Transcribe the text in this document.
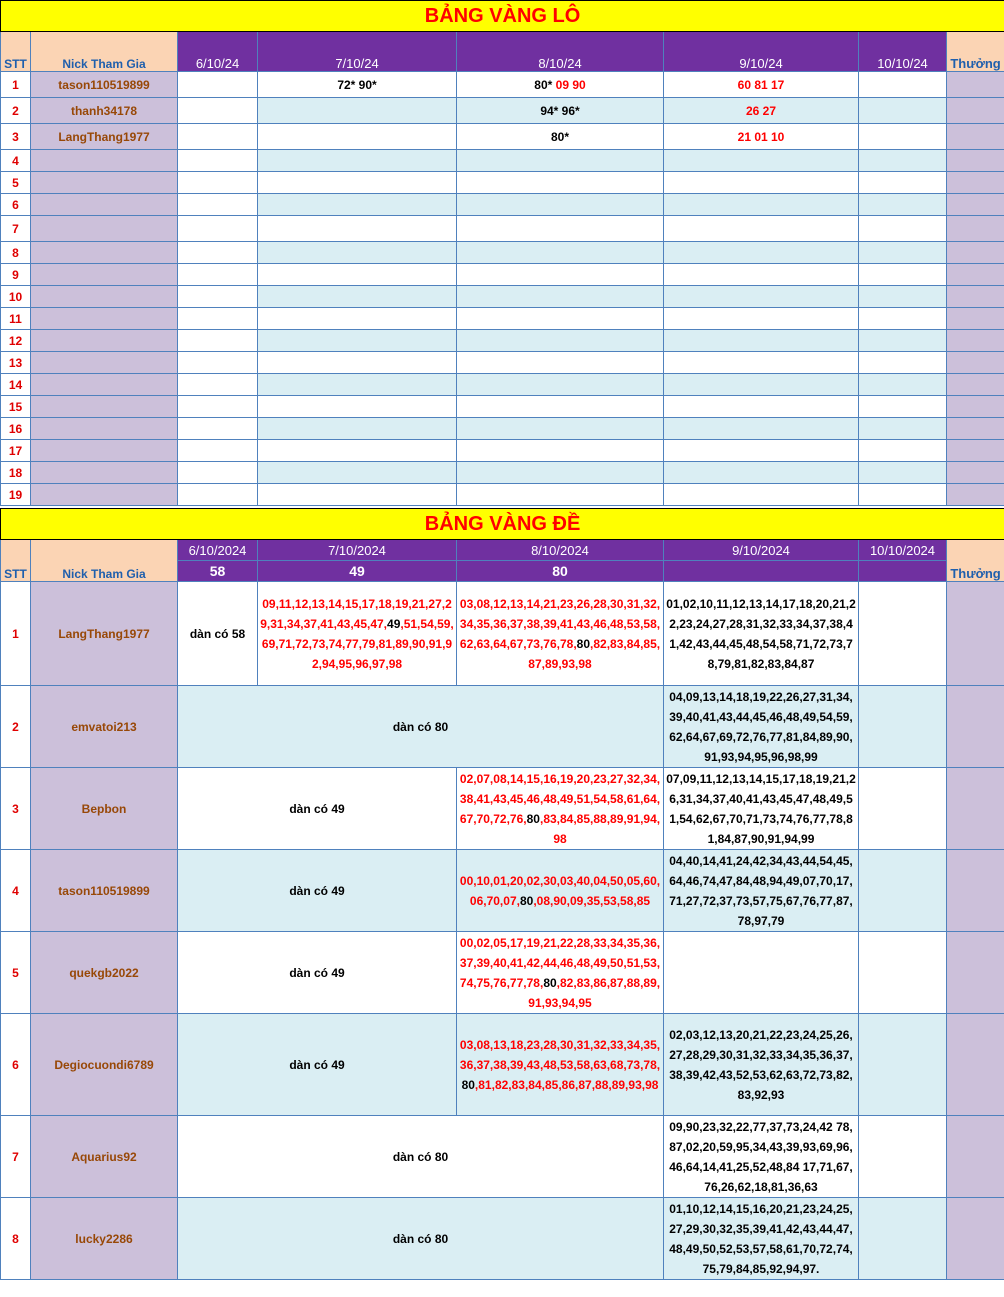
BẢNG VÀNG LÔ							
STT	Nick Tham Gia	6/10/24	7/10/24	8/10/24	9/10/24	10/10/24	Thưởng
1	tason110519899		72* 90*	80* 09 90	60 81 17		
2	thanh34178			94* 96*	26 27		
3	LangThang1977			80*	21 01 10		
4							
5							
6							
7							
8							
9							
10							
11							
12							
13							
14							
15							
16							
17							
18							
19							
BẢNG VÀNG ĐỀ							
STT	Nick Tham Gia	6/10/2024	7/10/2024	8/10/2024	9/10/2024	10/10/2024	Thưởng
		58	49	80			
1	LangThang1977	dàn có 58	09,11,12,13,14,15,17,18,19,21,27,29,31,34,37,41,43,45,47,49,51,54,59,69,71,72,73,74,77,79,81,89,90,91,92,94,95,96,97,98	03,08,12,13,14,21,23,26,28,30,31,32,34,35,36,37,38,39,41,43,46,48,53,58,62,63,64,67,73,76,78,80,82,83,84,85,87,89,93,98	01,02,10,11,12,13,14,17,18,20,21,22,23,24,27,28,31,32,33,34,37,38,41,42,43,44,45,48,54,58,71,72,73,78,79,81,82,83,84,87		
2	emvatoi213	dàn có 80			04,09,13,14,18,19,22,26,27,31,34,39,40,41,43,44,45,46,48,49,54,59,62,64,67,69,72,76,77,81,84,89,90,91,93,94,95,96,98,99		
3	Bepbon	dàn có 49		02,07,08,14,15,16,19,20,23,27,32,34,38,41,43,45,46,48,49,51,54,58,61,64,67,70,72,76,80,83,84,85,88,89,91,94,98	07,09,11,12,13,14,15,17,18,19,21,26,31,34,37,40,41,43,45,47,48,49,51,54,62,67,70,71,73,74,76,77,78,81,84,87,90,91,94,99		
4	tason110519899	dàn có 49		00,10,01,20,02,30,03,40,04,50,05,60,06,70,07,80,08,90,09,35,53,58,85	04,40,14,41,24,42,34,43,44,54,45,64,46,74,47,84,48,94,49,07,70,17,71,27,72,37,73,57,75,67,76,77,87,78,97,79		
5	quekgb2022	dàn có 49		00,02,05,17,19,21,22,28,33,34,35,36,37,39,40,41,42,44,46,48,49,50,51,53,74,75,76,77,78,80,82,83,86,87,88,89,91,93,94,95			
6	Degiocuondi6789	dàn có 49		03,08,13,18,23,28,30,31,32,33,34,35,36,37,38,39,43,48,53,58,63,68,73,78,80,81,82,83,84,85,86,87,88,89,93,98	02,03,12,13,20,21,22,23,24,25,26,27,28,29,30,31,32,33,34,35,36,37,38,39,42,43,52,53,62,63,72,73,82,83,92,93		
7	Aquarius92	dàn có 80			09,90,23,32,22,77,37,73,24,42 78,87,02,20,59,95,34,43,39,93,69,96,46,64,14,41,25,52,48,84 17,71,67,76,26,62,18,81,36,63		
8	lucky2286	dàn có 80			01,10,12,14,15,16,20,21,23,24,25,27,29,30,32,35,39,41,42,43,44,47,48,49,50,52,53,57,58,61,70,72,74,75,79,84,85,92,94,97.		
